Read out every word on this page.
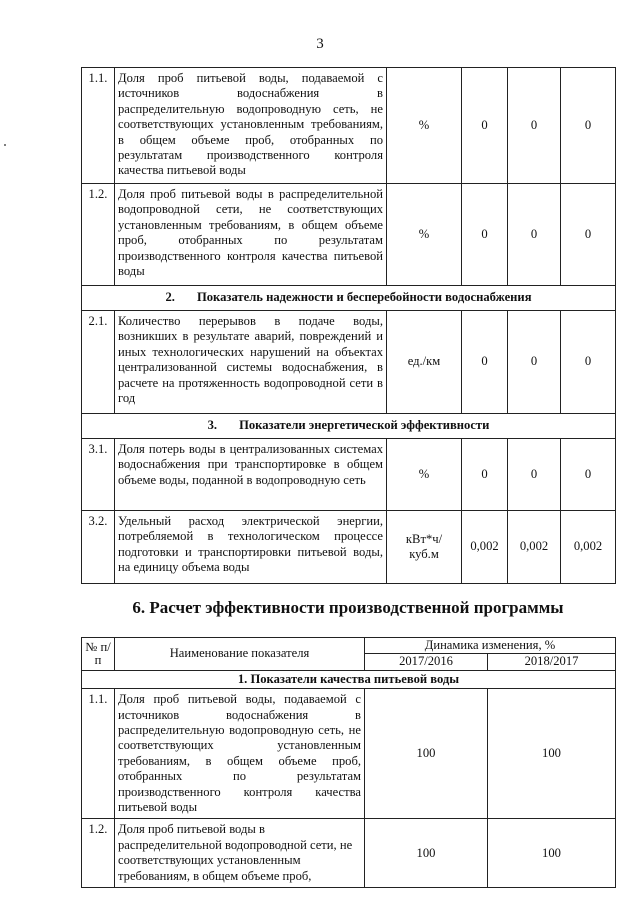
3
1.1.	Доля проб питьевой воды, подаваемой с источников водоснабжения в распределительную водопроводную сеть, не соответствующих установленным требованиям, в общем объеме проб, отобранных по результатам производственного контроля качества питьевой воды	%	0	0	0
1.2.	Доля проб питьевой воды в распределительной водопроводной сети, не соответствующих установленным требованиям, в общем объеме проб, отобранных по результатам производственного контроля качества питьевой воды	%	0	0	0
2. Показатель надежности и бесперебойности водоснабжения					
2.1.	Количество перерывов в подаче воды, возникших в результате аварий, повреждений и иных технологических нарушений на объектах централизованной системы водоснабжения, в расчете на протяженность водопроводной сети в год	ед./км	0	0	0
3. Показатели энергетической эффективности					
3.1.	Доля потерь воды в централизованных системах водоснабжения при транспортировке в общем объеме воды, поданной в водопроводную сеть	%	0	0	0
3.2.	Удельный расход электрической энергии, потребляемой в технологическом процессе подготовки и транспортировки питьевой воды, на единицу объема воды	кВт*ч/ куб.м	0,002	0,002	0,002
6. Расчет эффективности производственной программы
№ п/п	Наименование показателя	Динамика изменения, %	
		2017/2016	2018/2017
1. Показатели качества питьевой воды			
1.1.	Доля проб питьевой воды, подаваемой с источников водоснабжения в распределительную водопроводную сеть, не соответствующих установленным требованиям, в общем объеме проб, отобранных по результатам производственного контроля качества питьевой воды	100	100
1.2.	Доля проб питьевой воды в распределительной водопроводной сети, не соответствующих установленным требованиям, в общем объеме проб,	100	100
